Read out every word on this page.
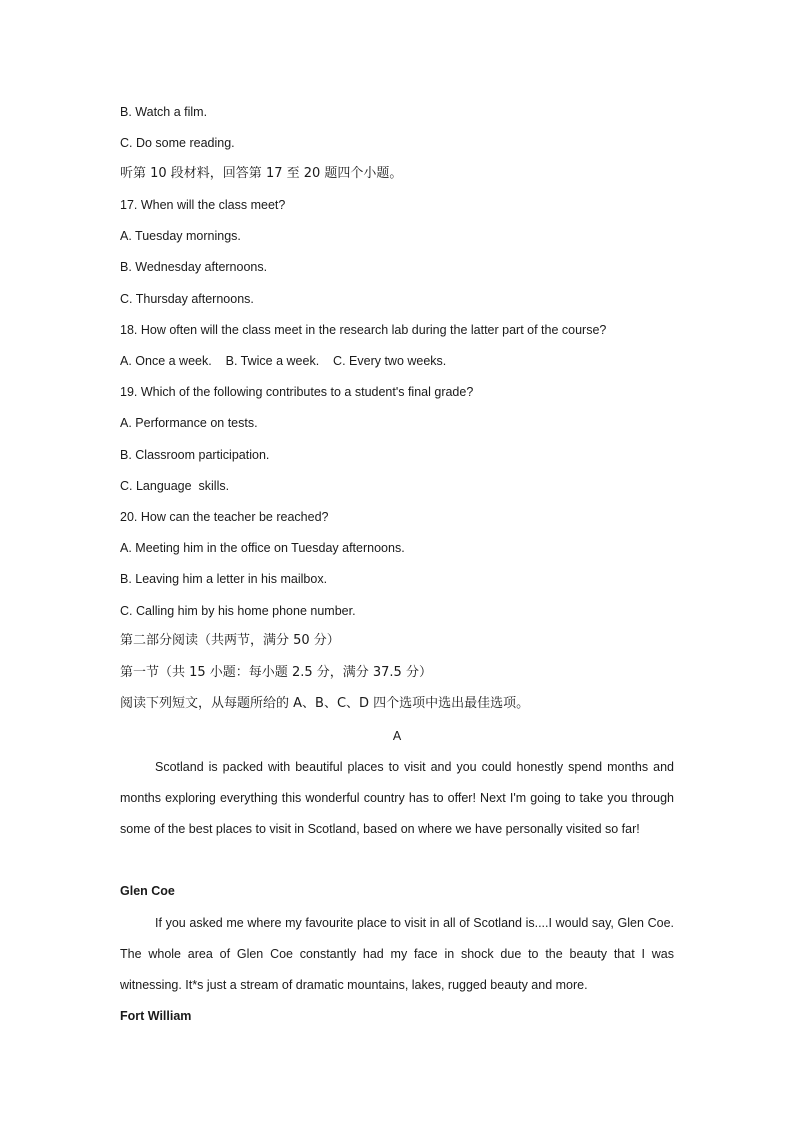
B. Watch a film.
C. Do some reading.
听第 10 段材料，回答第 17 至 20 题四个小题。
17. When will the class meet?
A. Tuesday mornings.
B. Wednesday afternoons.
C. Thursday afternoons.
18. How often will the class meet in the research lab during the latter part of the course?
A. Once a week.    B. Twice a week.    C. Every two weeks.
19. Which of the following contributes to a student's final grade?
A. Performance on tests.
B. Classroom participation.
C. Language  skills.
20. How can the teacher be reached?
A. Meeting him in the office on Tuesday afternoons.
B. Leaving him a letter in his mailbox.
C. Calling him by his home phone number.
第二部分阅读（共两节，满分 50 分）
第一节（共 15 小题：每小题 2.5 分，满分 37.5 分）
阅读下列短文，从每题所给的 A、B、C、D 四个选项中选出最佳选项。
A
Scotland is packed with beautiful places to visit and you could honestly spend months and months exploring everything this wonderful country has to offer! Next I'm going to take you through some of the best places to visit in Scotland, based on where we have personally visited so far!
Glen Coe
If you asked me where my favourite place to visit in all of Scotland is....I would say, Glen Coe. The whole area of Glen Coe constantly had my face in shock due to the beauty that I was witnessing. It*s just a stream of dramatic mountains, lakes, rugged beauty and more.
Fort William
